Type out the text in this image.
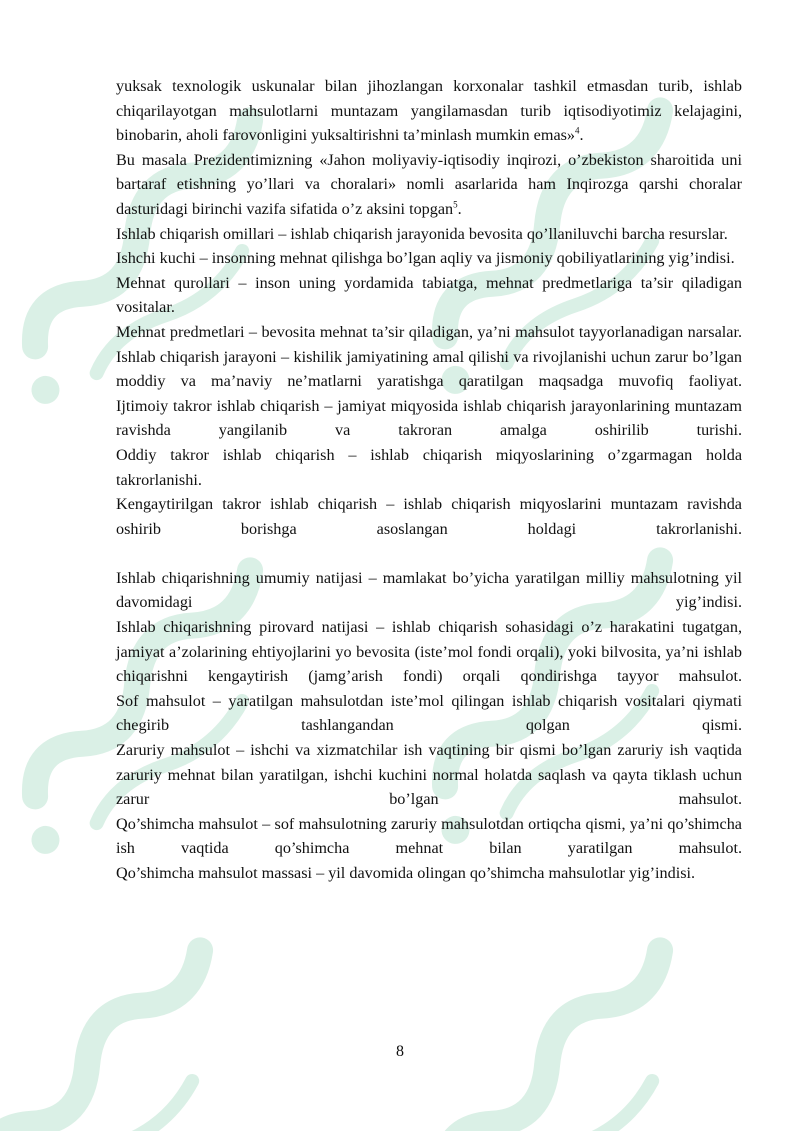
yuksak texnologik uskunalar bilan jihozlangan korxonalar tashkil etmasdan turib, ishlab chiqarilayotgan mahsulotlarni muntazam yangilamasdan turib iqtisodiyotimiz kelajagini, binobarin, aholi farovonligini yuksaltirishni ta’minlash mumkin emas»$^4$.

Bu masala Prezidentimizning «Jahon moliyaviy-iqtisodiy inqirozi, o’zbekiston sharoitida uni bartaraf etishning yo’llari va choralari» nomli asarlarida ham Inqirozga qarshi choralar dasturidagi birinchi vazifa sifatida o’z aksini topgan$^5$.

Ishlab chiqarish omillari – ishlab chiqarish jarayonida bevosita qo’llaniluvchi barcha resurslar.

Ishchi kuchi – insonning mehnat qilishga bo’lgan aqliy va jismoniy qobiliyatlarining yig’indisi.

Mehnat qurollari – inson uning yordamida tabiatga, mehnat predmetlariga ta’sir qiladigan vositalar.

Mehnat predmetlari – bevosita mehnat ta’sir qiladigan, ya’ni mahsulot tayyorlanadigan narsalar.

Ishlab chiqarish jarayoni – kishilik jamiyatining amal qilishi va rivojlanishi uchun zarur bo’lgan moddiy va ma’naviy ne’matlarni yaratishga qaratilgan maqsadga muvofiq faoliyat.

Ijtimoiy takror ishlab chiqarish – jamiyat miqyosida ishlab chiqarish jarayonlarining muntazam ravishda yangilanib va takroran amalga oshirilib turishi.

Oddiy takror ishlab chiqarish – ishlab chiqarish miqyoslarining o’zgarmagan holda takrorlanishi.

Kengaytirilgan takror ishlab chiqarish – ishlab chiqarish miqyoslarini muntazam ravishda oshirib borishga asoslangan holdagi takrorlanishi.

Ishlab chiqarishning umumiy natijasi – mamlakat bo’yicha yaratilgan milliy mahsulotning yil davomidagi yig’indisi.

Ishlab chiqarishning pirovard natijasi – ishlab chiqarish sohasidagi o’z harakatini tugatgan, jamiyat a’zolarining ehtiyojlarini yo bevosita (iste’mol fondi orqali), yoki bilvosita, ya’ni ishlab chiqarishni kengaytirish (jamg’arish fondi) orqali qondirishga tayyor mahsulot.

Sof mahsulot – yaratilgan mahsulotdan iste’mol qilingan ishlab chiqarish vositalari qiymati chegirib tashlangandan qolgan qismi.

Zaruriy mahsulot – ishchi va xizmatchilar ish vaqtining bir qismi bo’lgan zaruriy ish vaqtida zaruriy mehnat bilan yaratilgan, ishchi kuchini normal holatda saqlash va qayta tiklash uchun zarur bo’lgan mahsulot.

Qo’shimcha mahsulot – sof mahsulotning zaruriy mahsulotdan ortiqcha qismi, ya’ni qo’shimcha ish vaqtida qo’shimcha mehnat bilan yaratilgan mahsulot.

Qo’shimcha mahsulot massasi – yil davomida olingan qo’shimcha mahsulotlar yig’indisi.

8
